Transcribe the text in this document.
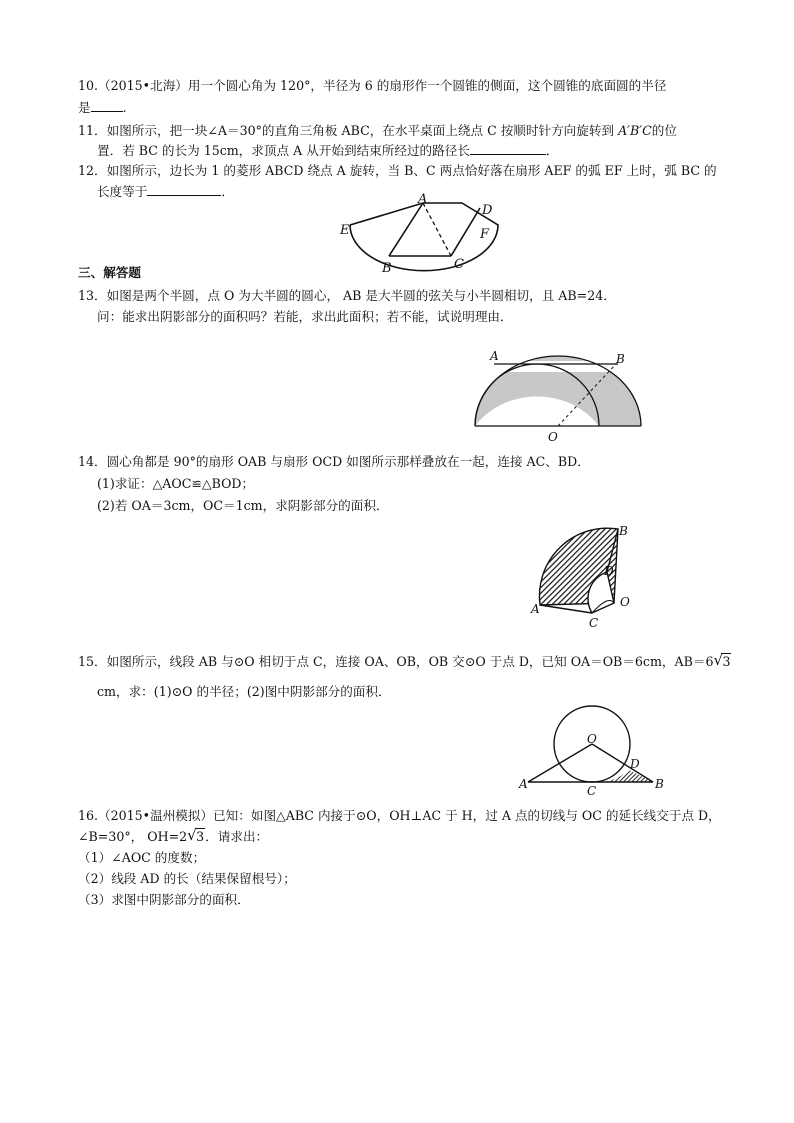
10.（2015•北海）用一个圆心角为 120°，半径为 6 的扇形作一个圆锥的侧面，这个圆锥的底面圆的半径
是	.
11．如图所示，把一块∠A＝30°的直角三角板 ABC，在水平桌面上绕点 C 按顺时针方向旋转到 A′B′C的位
置．若 BC 的长为 15cm，求顶点 A 从开始到结束所经过的路径长	．
12．如图所示，边长为 1 的菱形 ABCD 绕点 A 旋转，当 B、C 两点恰好落在扇形 AEF 的弧 EF 上时，弧 BC 的
长度等于	．
A
D
F
E
C
B
三、解答题
13．如图是两个半圆，点 O 为大半圆的圆心， AB 是大半圆的弦关与小半圆相切，且 AB=24．
问：能求出阴影部分的面积吗？若能，求出此面积；若不能，试说明理由．
A	B
O
14．圆心角都是 90°的扇形 OAB 与扇形 OCD 如图所示那样叠放在一起，连接 AC、BD．
(1)求证：△AOC≌△BOD；
(2)若 OA＝3cm，OC＝1cm，求阴影部分的面积．
B
D
O
A
C
15．如图所示，线段 AB 与⊙O 相切于点 C，连接 OA、OB，OB 交⊙O 于点 D，已知 OA＝OB＝6cm，AB＝6 √ 3
cm，求：(1)⊙O 的半径；(2)图中阴影部分的面积．
O
D
A	C	B
16.（2015•温州模拟）已知：如图△ABC 内接于⊙O，OH⊥AC 于 H，过 A 点的切线与 OC 的延长线交于点 D，
∠B=30°， OH=2 √ 3．请求出：
（1）∠AOC 的度数；
（2）线段 AD 的长（结果保留根号）；
（3）求图中阴影部分的面积．
